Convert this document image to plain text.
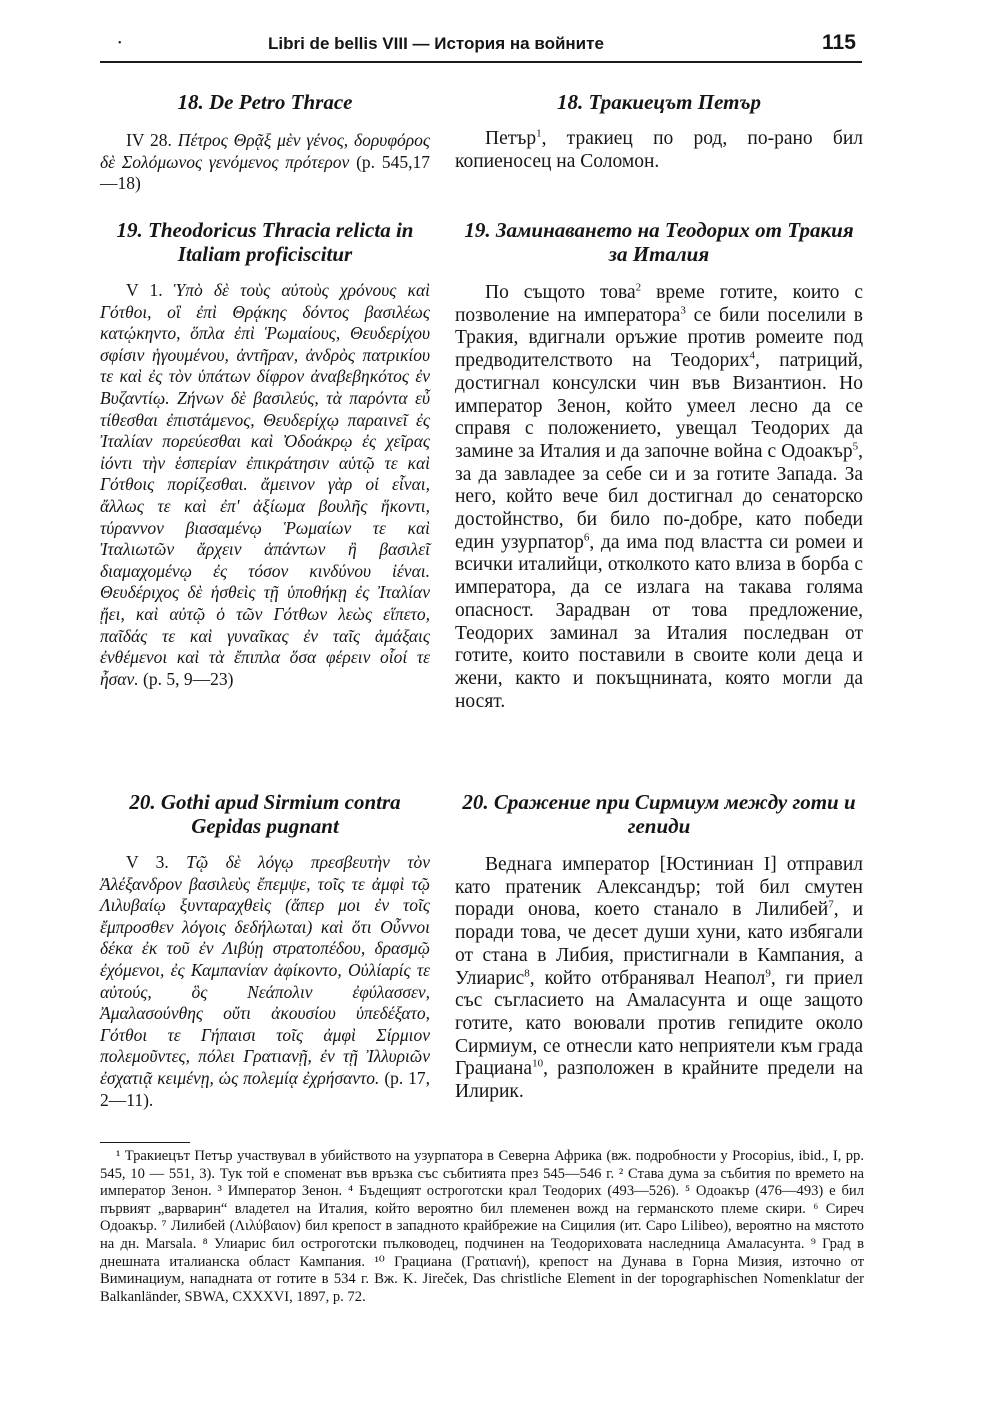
•	Libri de bellis VIII — История на войните	115
18. De Petro Thrace

IV 28. Πέτρος Θρᾷξ μὲν γένος, δορυφόρος δὲ Σολόμωνος γενόμενος πρότερον (p. 545,17—18)

18. Тракиецът Петър

Петър$^1$, тракиец по род, по-рано бил копиеносец на Соломон.

19. Theodoricus Thracia relicta in Italiam proficiscitur

V 1. Ὑπὸ δὲ τοὺς αὐτοὺς χρόνους καὶ Γότθοι, οἳ ἐπὶ Θρᾴκης δόντος βασιλέως κατῴκηντο, ὅπλα ἐπὶ Ῥωμαίους, Θευδερίχου σφίσιν ἡγουμένου, ἀντῆραν, ἀνδρὸς πατρικίου τε καὶ ἐς τὸν ὑπάτων δίφρον ἀναβεβηκότος ἐν Βυζαντίῳ. Ζήνων δὲ βασιλεύς, τὰ παρόντα εὖ τίθεσθαι ἐπιστάμενος, Θευδερίχῳ παραινεῖ ἐς Ἰταλίαν πορεύεσθαι καὶ Ὀδοάκρῳ ἐς χεῖρας ἰόντι τὴν ἑσπερίαν ἐπικράτησιν αὑτῷ τε καὶ Γότθοις πορίζεσθαι. ἄμεινον γὰρ οἱ εἶναι, ἄλλως τε καὶ ἐπ' ἀξίωμα βουλῆς ἥκοντι, τύραννον βιασαμένῳ Ῥωμαίων τε καὶ Ἰταλιωτῶν ἄρχειν ἁπάντων ἢ βασιλεῖ διαμαχομένῳ ἐς τόσον κινδύνου ἰέναι. Θευδέριχος δὲ ἡσθεὶς τῇ ὑποθήκῃ ἐς Ἰταλίαν ᾔει, καὶ αὐτῷ ὁ τῶν Γότθων λεὼς εἵπετο, παῖδάς τε καὶ γυναῖκας ἐν ταῖς ἁμάξαις ἐνθέμενοι καὶ τὰ ἔπιπλα ὅσα φέρειν οἷοί τε ἦσαν. (p. 5, 9—23)

19. Заминаването на Теодорих от Тракия за Италия

По същото това$^2$ време готите, които с позволение на императора$^3$ се били поселили в Тракия, вдигнали оръжие против ромеите под предводителството на Теодорих$^4$, патриций, достигнал консулски чин във Византион. Но император Зенон, който умеел лесно да се справя с положението, увещал Теодорих да замине за Италия и да започне война с Одоакър$^5$, за да завладее за себе си и за готите Запада. За него, който вече бил достигнал до сенаторско достойнство, би било по-добре, като победи един узурпатор$^6$, да има под властта си ромеи и всички италийци, отколкото като влиза в борба с императора, да се излага на такава голяма опасност. Зарадван от това предложение, Теодорих заминал за Италия последван от готите, които поставили в своите коли деца и жени, както и покъщнината, която могли да носят.

20. Gothi apud Sirmium contra Gepidas pugnant

V 3. Τῷ δὲ λόγῳ πρεσβευτὴν τὸν Ἀλέξανδρον βασιλεὺς ἔπεμψε, τοῖς τε ἀμφὶ τῷ Λιλυβαίῳ ξυνταραχθεὶς (ἅπερ μοι ἐν τοῖς ἔμπροσθεν λόγοις δεδήλωται) καὶ ὅτι Οὖννοι δέκα ἐκ τοῦ ἐν Λιβύῃ στρατοπέδου, δρασμῷ ἐχόμενοι, ἐς Καμπανίαν ἀφίκοντο, Οὐλίαρίς τε αὐτούς, ὃς Νεάπολιν ἐφύλασσεν, Ἀμαλασούνθης οὔτι ἀκουσίου ὑπεδέξατο, Γότθοι τε Γήπαισι τοῖς ἀμφὶ Σίρμιον πολεμοῦντες, πόλει Γρατιανῇ, ἐν τῇ Ἰλλυριῶν ἐσχατιᾷ κειμένῃ, ὡς πολεμίᾳ ἐχρήσαντο. (p. 17, 2—11).

20. Сражение при Сирмиум между готи и гепиди

Веднага император [Юстиниан I] отправил като пратеник Александър; той бил смутен поради онова, което станало в Лилибей$^7$, и поради това, че десет души хуни, като избягали от стана в Либия, пристигнали в Кампания, а Улиарис$^8$, който отбранявал Неапол$^9$, ги приел със съгласието на Амаласунта и още защото готите, като воювали против гепидите около Сирмиум, се отнесли като неприятели към града Грациана$^{10}$, разположен в крайните предели на Илирик.

¹ Тракиецът Петър участвувал в убийството на узурпатора в Северна Африка (вж. подробности у Procopius, ibid., I, pp. 545, 10 — 551, 3). Тук той е споменат във връзка със събитията през 545—546 г. ² Става дума за събития по времето на император Зенон. ³ Император Зенон. ⁴ Бъдещият остроготски крал Теодорих (493—526). ⁵ Одоакър (476—493) е бил първият „варварин“ владетел на Италия, който вероятно бил племенен вожд на германското племе скири. ⁶ Сиреч Одоакър. ⁷ Лилибей (Λιλύβαιον) бил крепост в западното крайбрежие на Сицилия (ит. Capo Lilibeo), вероятно на мястото на дн. Marsala. ⁸ Улиарис бил остроготски пълководец, подчинен на Теодориховата наследница Амаласунта. ⁹ Град в днешната италианска област Кампания. ¹⁰ Грациана (Γρατιανή), крепост на Дунава в Горна Мизия, източно от Виминациум, нападната от готите в 534 г. Вж. K. Jireček, Das christliche Element in der topographischen Nomenklatur der Balkanländer, SBWA, CXXXVI, 1897, p. 72.
